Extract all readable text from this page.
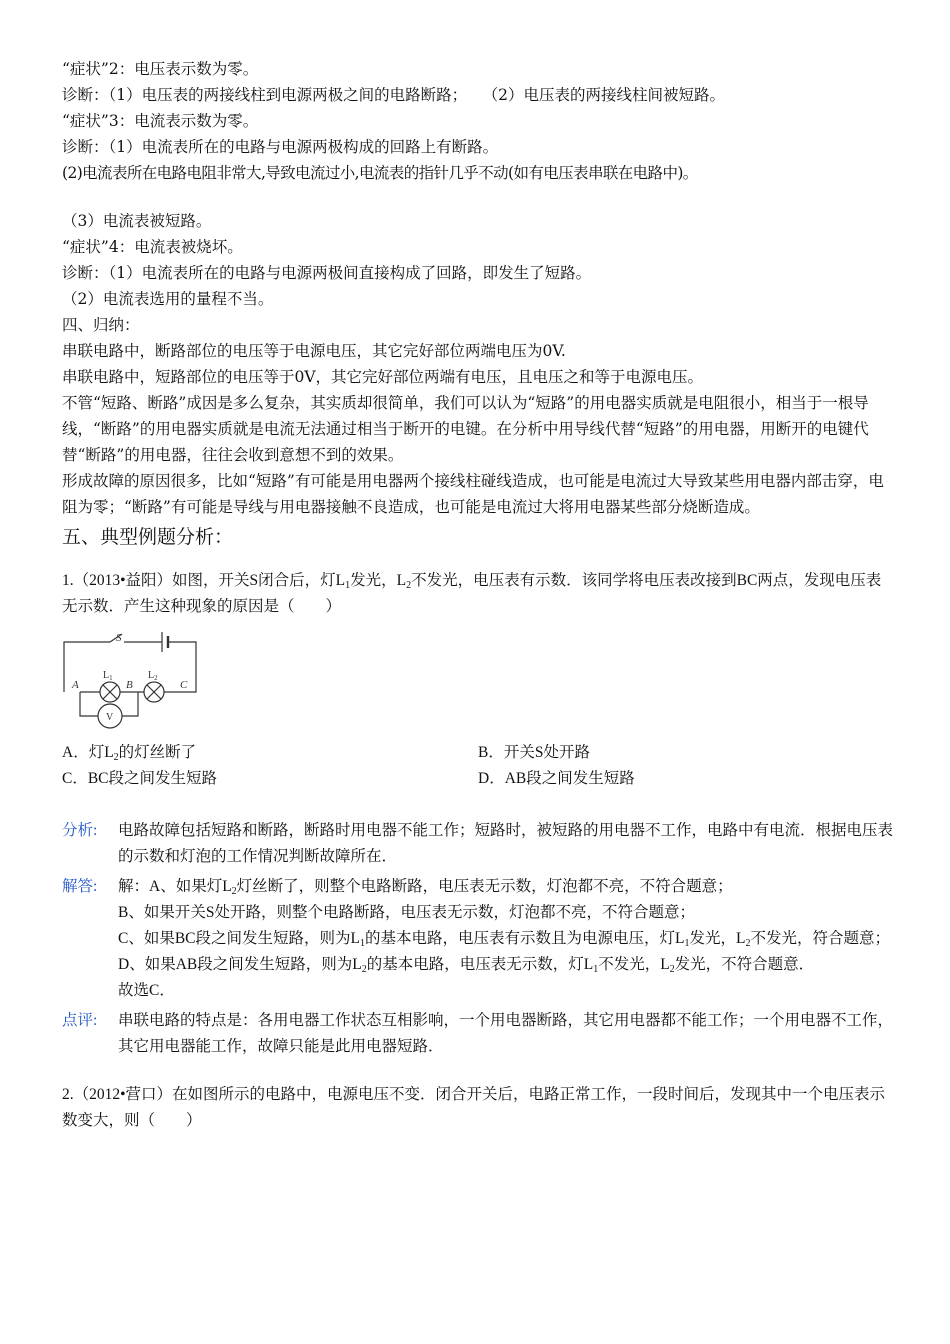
“症状”2：电压表示数为零。
诊断：（1）电压表的两接线柱到电源两极之间的电路断路；　　（2）电压表的两接线柱间被短路。
“症状”3：电流表示数为零。
诊断：（1）电流表所在的电路与电源两极构成的回路上有断路。
(2)电流表所在电路电阻非常大,导致电流过小,电流表的指针几乎不动(如有电压表串联在电路中)。
（3）电流表被短路。
“症状”4：电流表被烧坏。
诊断：（1）电流表所在的电路与电源两极间直接构成了回路，即发生了短路。
（2）电流表选用的量程不当。
四、归纳：
串联电路中，断路部位的电压等于电源电压，其它完好部位两端电压为0V.
串联电路中，短路部位的电压等于0V，其它完好部位两端有电压，且电压之和等于电源电压。
不管“短路、断路”成因是多么复杂，其实质却很简单，我们可以认为“短路”的用电器实质就是电阻很小，相当于一根导线，“断路”的用电器实质就是电流无法通过相当于断开的电键。在分析中用导线代替“短路”的用电器，用断开的电键代替“断路”的用电器，往往会收到意想不到的效果。
形成故障的原因很多，比如“短路”有可能是用电器两个接线柱碰线造成，也可能是电流过大导致某些用电器内部击穿，电阻为零；“断路”有可能是导线与用电器接触不良造成，也可能是电流过大将用电器某些部分烧断造成。
五、典型例题分析：
1.（2013•益阳）如图，开关S闭合后，灯$L_1$发光，$L_2$不发光，电压表有示数．该同学将电压表改接到BC两点，发现电压表无示数．产生这种现象的原因是（　　）
S
A	B	C
$L_1$	$L_2$
V
A．灯$L_2$的灯丝断了	B．开关S处开路
C．BC段之间发生短路	D．AB段之间发生短路
分析:	电路故障包括短路和断路，断路时用电器不能工作；短路时，被短路的用电器不工作，电路中有电流．根据电压表的示数和灯泡的工作情况判断故障所在．
解答:	解：A、如果灯$L_2$灯丝断了，则整个电路断路，电压表无示数，灯泡都不亮，不符合题意；
B、如果开关S处开路，则整个电路断路，电压表无示数，灯泡都不亮，不符合题意；
C、如果BC段之间发生短路，则为$L_1$的基本电路，电压表有示数且为电源电压，灯$L_1$发光，$L_2$不发光，符合题意；
D、如果AB段之间发生短路，则为$L_2$的基本电路，电压表无示数，灯$L_1$不发光，$L_2$发光，不符合题意．
故选C．
点评:	串联电路的特点是：各用电器工作状态互相影响，一个用电器断路，其它用电器都不能工作；一个用电器不工作，其它用电器能工作，故障只能是此用电器短路．
2.（2012•营口）在如图所示的电路中，电源电压不变．闭合开关后，电路正常工作，一段时间后，发现其中一个电压表示数变大，则（　　）
